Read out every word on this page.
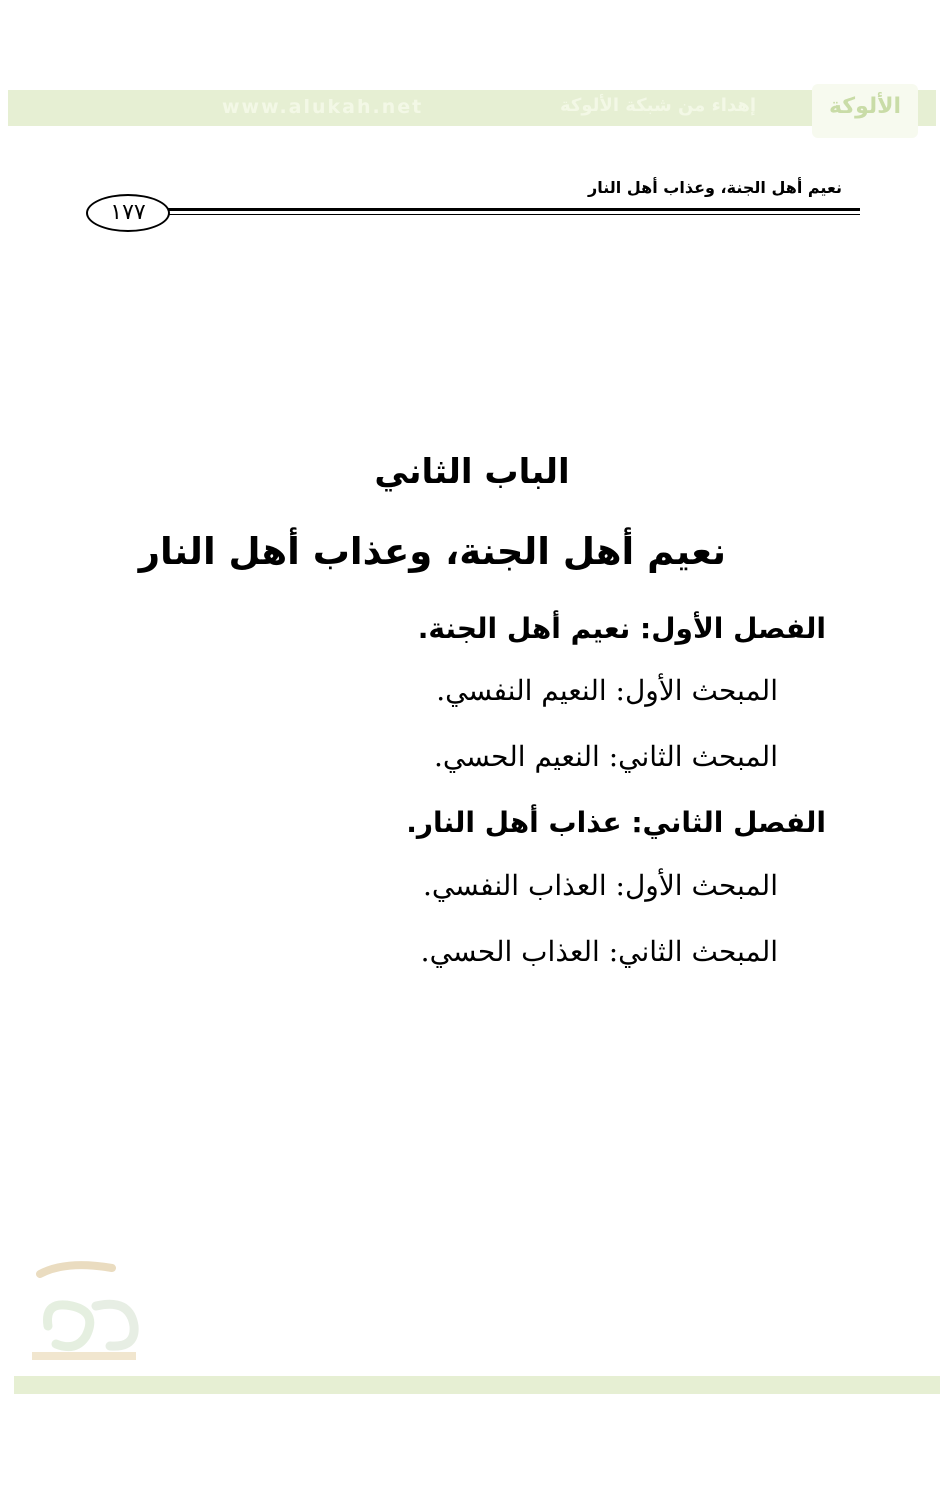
www.alukah.net	إهداء من شبكة الألوكة	الألوكة
نعيم أهل الجنة، وعذاب أهل النار
١٧٧
الباب الثاني
نعيم أهل الجنة، وعذاب أهل النار
الفصل الأول: نعيم أهل الجنة.
المبحث الأول: النعيم النفسي.
المبحث الثاني: النعيم الحسي.
الفصل الثاني: عذاب أهل النار.
المبحث الأول: العذاب النفسي.
المبحث الثاني: العذاب الحسي.
